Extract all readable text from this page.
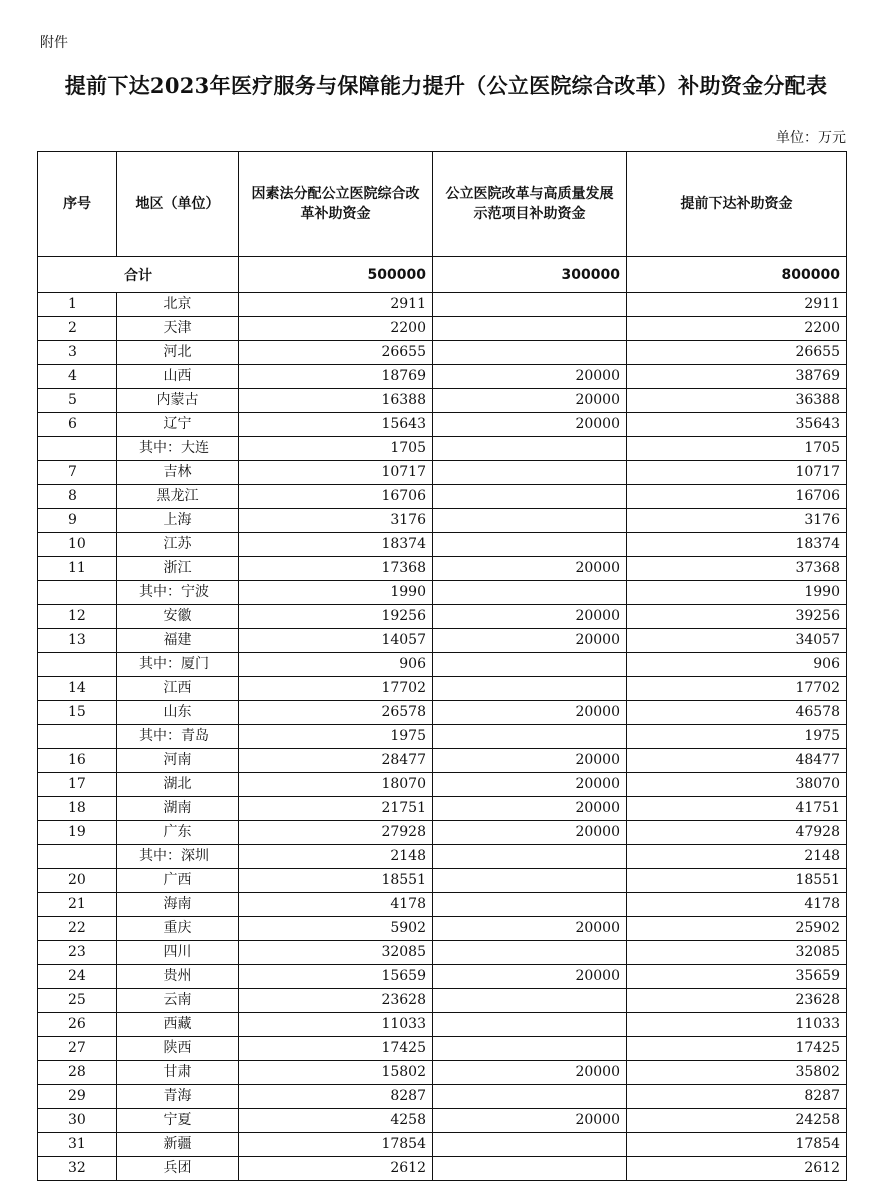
附件
提前下达2023年医疗服务与保障能力提升（公立医院综合改革）补助资金分配表
单位：万元
序号	地区（单位）	因素法分配公立医院综合改革补助资金	公立医院改革与高质量发展示范项目补助资金	提前下达补助资金
合计		500000	300000	800000
1	北京	2911		2911
2	天津	2200		2200
3	河北	26655		26655
4	山西	18769	20000	38769
5	内蒙古	16388	20000	36388
6	辽宁	15643	20000	35643
	其中：大连	1705		1705
7	吉林	10717		10717
8	黑龙江	16706		16706
9	上海	3176		3176
10	江苏	18374		18374
11	浙江	17368	20000	37368
	其中：宁波	1990		1990
12	安徽	19256	20000	39256
13	福建	14057	20000	34057
	其中：厦门	906		906
14	江西	17702		17702
15	山东	26578	20000	46578
	其中：青岛	1975		1975
16	河南	28477	20000	48477
17	湖北	18070	20000	38070
18	湖南	21751	20000	41751
19	广东	27928	20000	47928
	其中：深圳	2148		2148
20	广西	18551		18551
21	海南	4178		4178
22	重庆	5902	20000	25902
23	四川	32085		32085
24	贵州	15659	20000	35659
25	云南	23628		23628
26	西藏	11033		11033
27	陕西	17425		17425
28	甘肃	15802	20000	35802
29	青海	8287		8287
30	宁夏	4258	20000	24258
31	新疆	17854		17854
32	兵团	2612		2612
